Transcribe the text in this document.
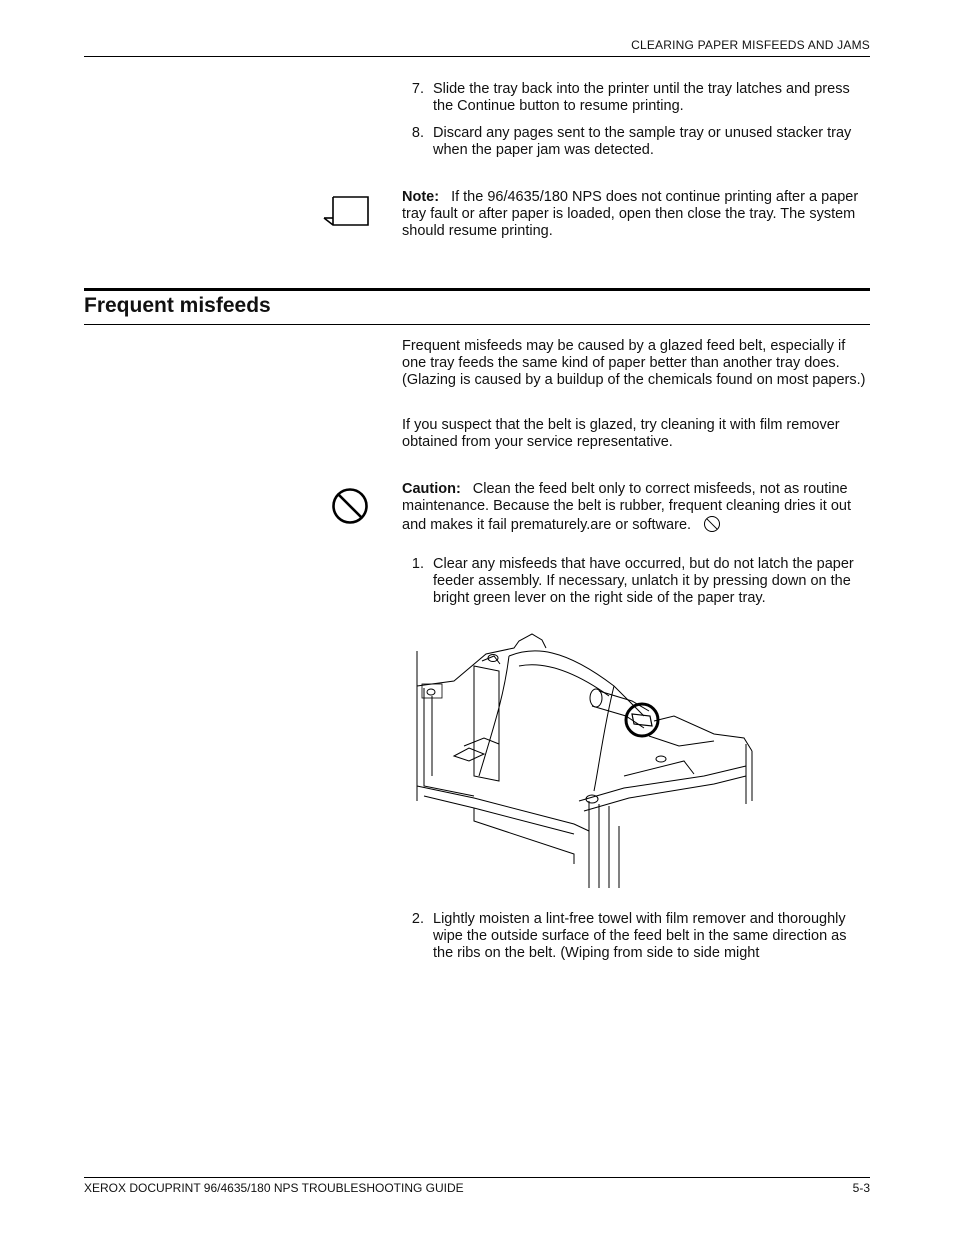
CLEARING PAPER MISFEEDS AND JAMS
7. Slide the tray back into the printer until the tray latches and press the Continue button to resume printing.
8. Discard any pages sent to the sample tray or unused stacker tray when the paper jam was detected.
Note: If the 96/4635/180 NPS does not continue printing after a paper tray fault or after paper is loaded, open then close the tray. The system should resume printing.
Frequent misfeeds
Frequent misfeeds may be caused by a glazed feed belt, especially if one tray feeds the same kind of paper better than another tray does. (Glazing is caused by a buildup of the chemicals found on most papers.)
If you suspect that the belt is glazed, try cleaning it with film remover obtained from your service representative.
Caution: Clean the feed belt only to correct misfeeds, not as routine maintenance. Because the belt is rubber, frequent cleaning dries it out and makes it fail prematurely.are or software.
1. Clear any misfeeds that have occurred, but do not latch the paper feeder assembly. If necessary, unlatch it by pressing down on the bright green lever on the right side of the paper tray.
2. Lightly moisten a lint-free towel with film remover and thoroughly wipe the outside surface of the feed belt in the same direction as the ribs on the belt. (Wiping from side to side might
XEROX DOCUPRINT 96/4635/180 NPS TROUBLESHOOTING GUIDE	5-3
